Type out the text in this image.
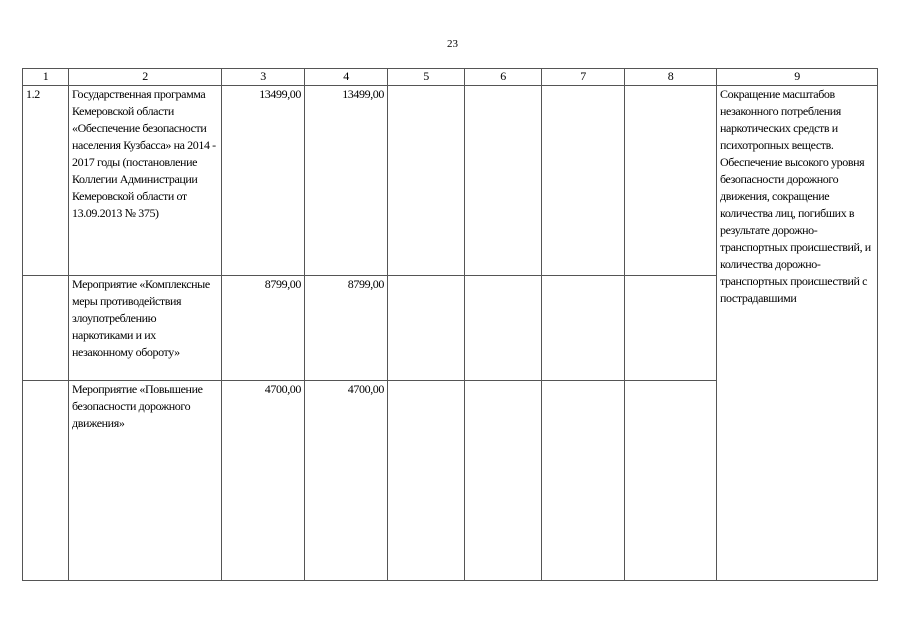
23
1	2	3	4	5	6	7	8	9
1.2	Государственная программа Кемеровской области «Обеспечение безопасности населения Кузбасса» на 2014 - 2017 годы (постановление Коллегии Администрации Кемеровской области от 13.09.2013 № 375)	13499,00	13499,00					Сокращение масштабов незаконного потребления наркотических средств и психотропных веществ. Обеспечение высокого уровня безопасности дорожного движения, сокращение количества лиц, погибших в результате дорожно-транспортных происшествий, и количества дорожно-транспортных происшествий с пострадавшими
	Мероприятие «Комплексные меры противодействия злоупотреблению наркотиками и их незаконному обороту»	8799,00	8799,00					
	Мероприятие «Повышение безопасности дорожного движения»	4700,00	4700,00					
